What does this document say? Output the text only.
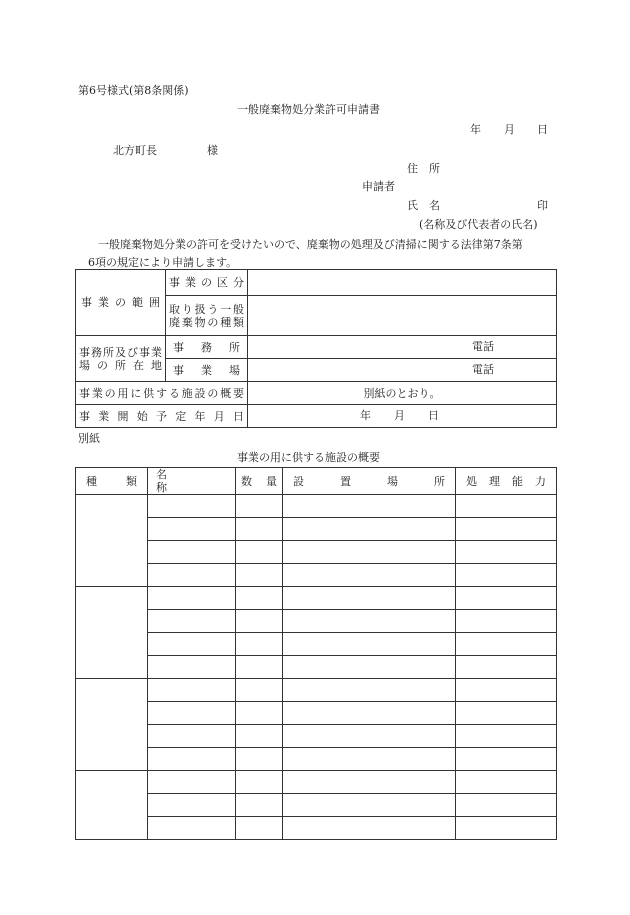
第6号様式(第8条関係)
一般廃棄物処分業許可申請書
年 月 日
北方町長	様
住　所
申請者
氏　名	印
(名称及び代表者の氏名)
一般廃棄物処分業の許可を受けたいので、廃棄物の処理及び清掃に関する法律第7条第
6項の規定により申請します。
事業の範囲	事業の区分	

	取り扱う一般
廃棄物の種類	

事務所及び事業
場の所在地	事務所	電話

	事業場	電話

事業の用に供する施設の概要		別紙のとおり。

事業開始予定年月日		年 月 日
別紙
事業の用に供する施設の概要
種　　類	名　　　　　　　称	数量	設　　置　　場　　所	処理能力
